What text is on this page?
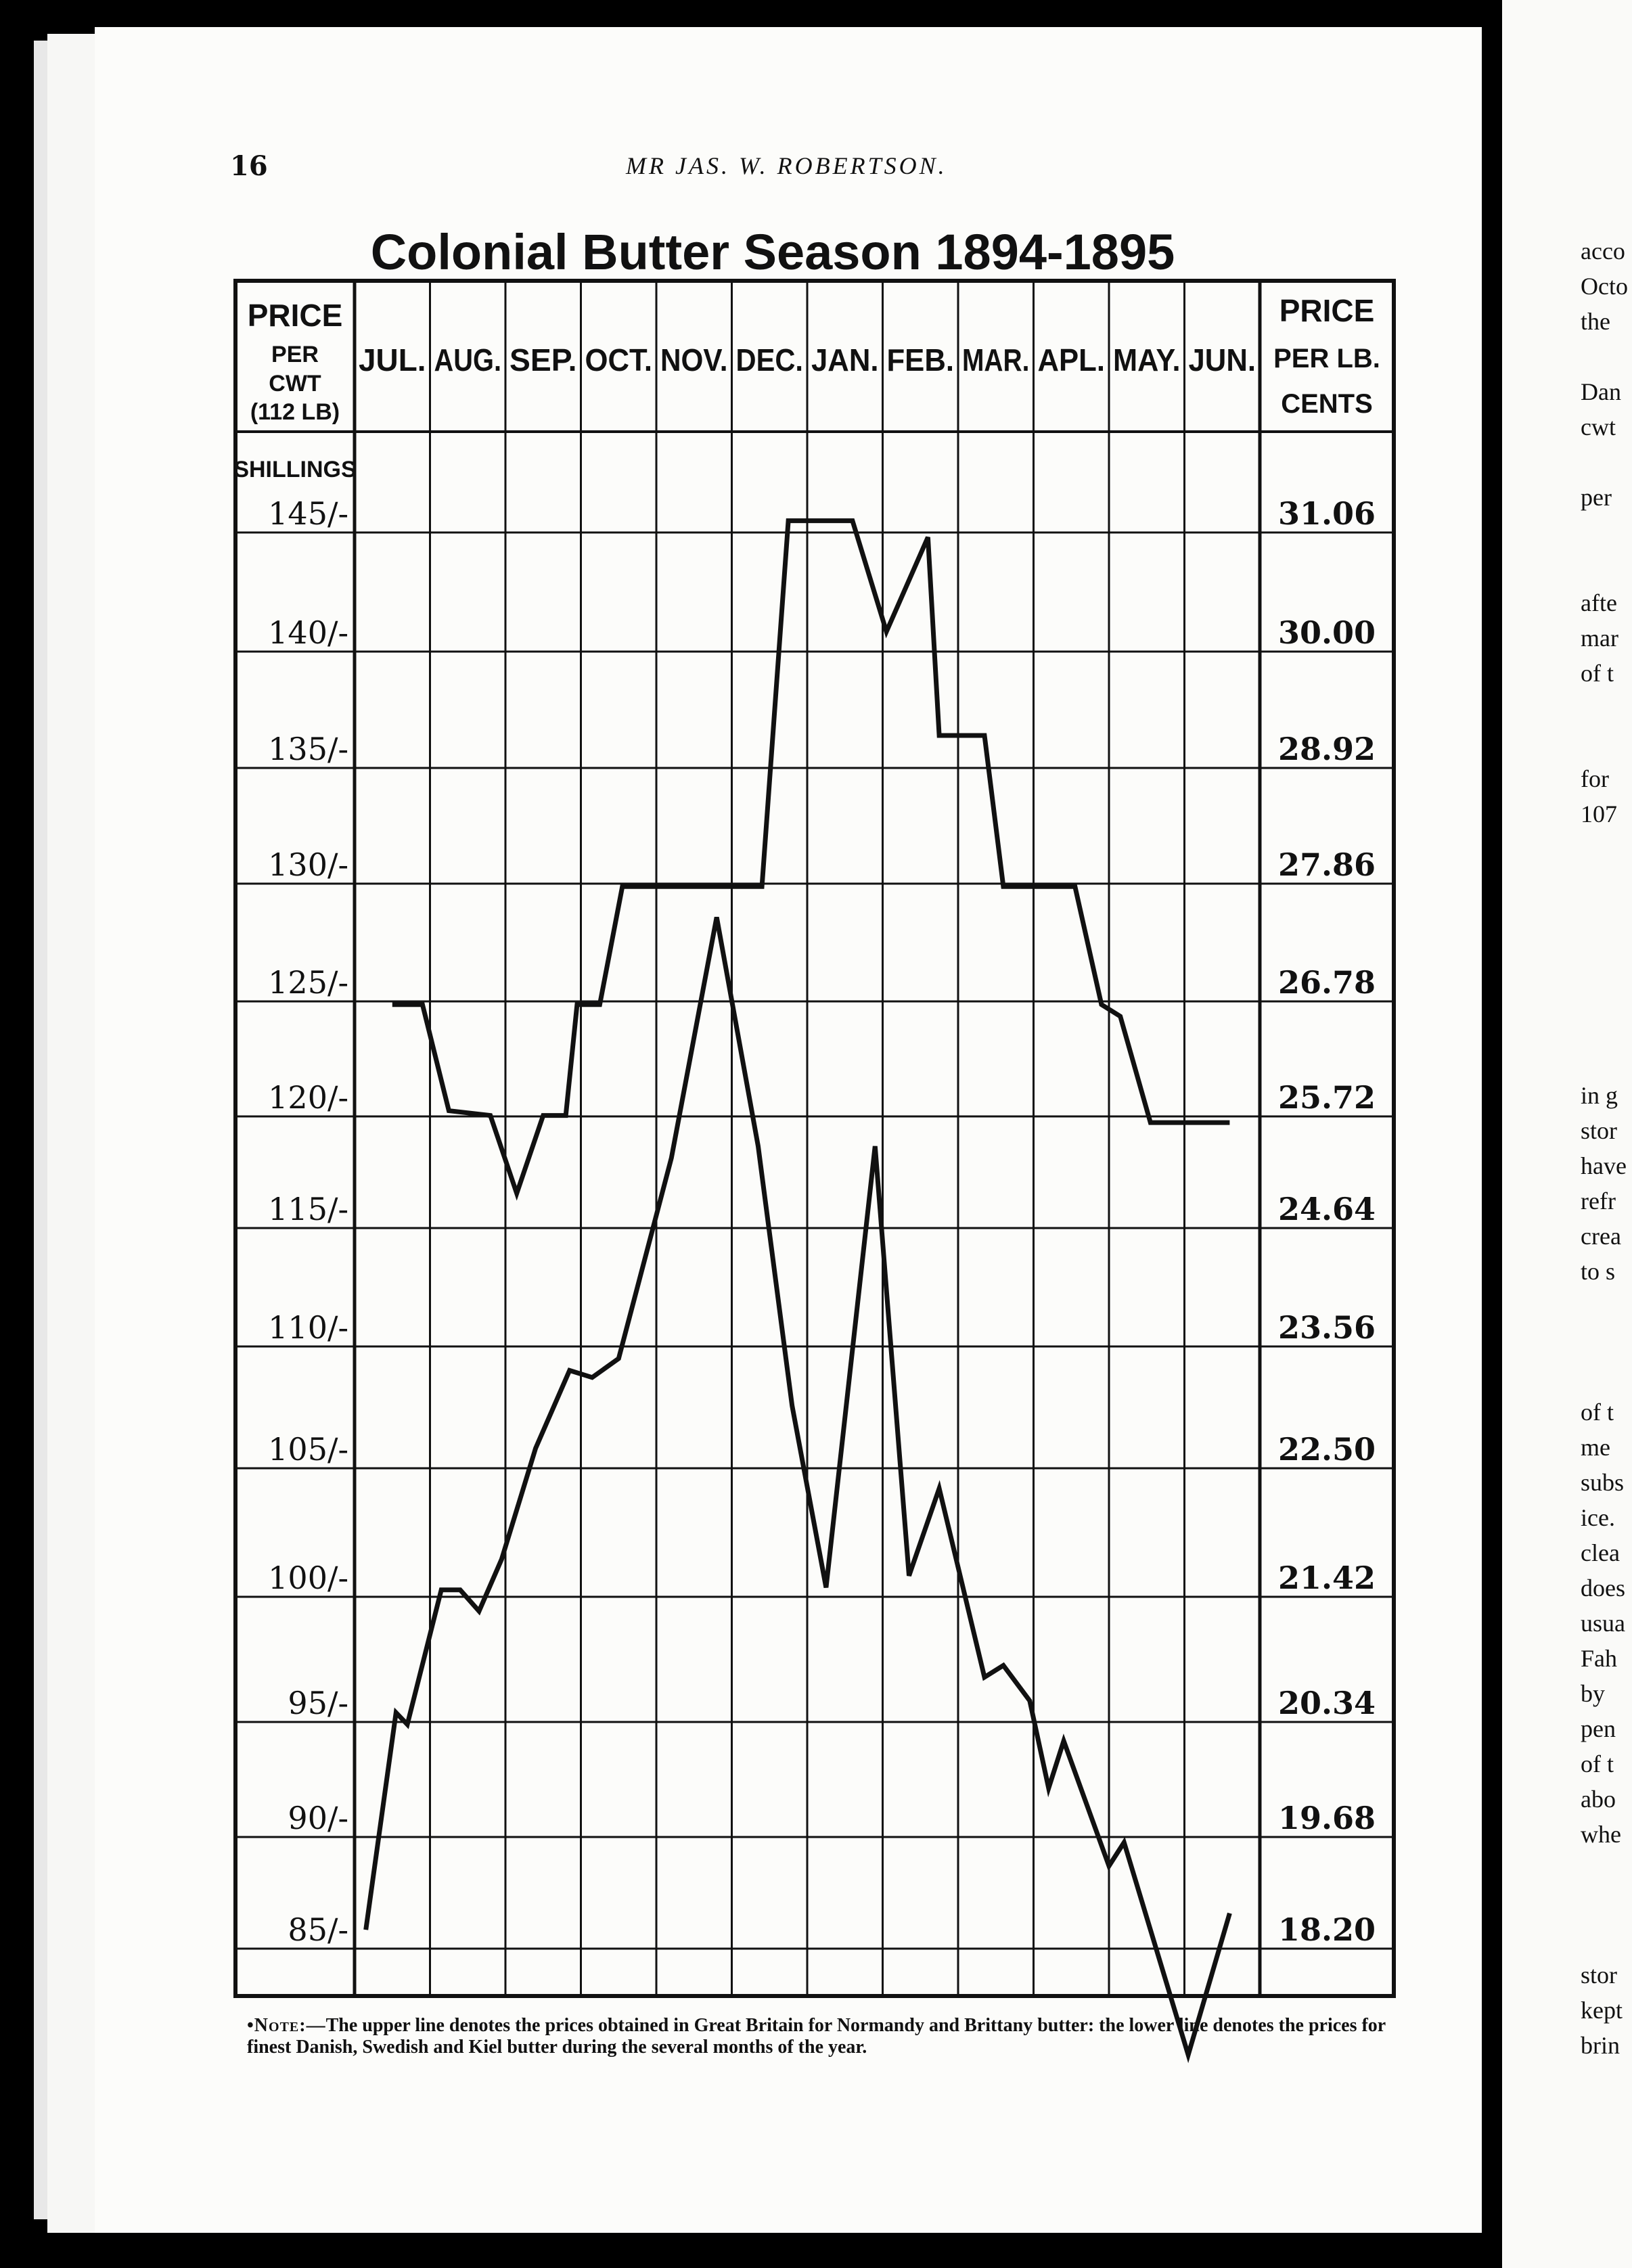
16	MR JAS. W. ROBERTSON.
Colonial Butter Season 1894-1895
JUL. AUG. SEP. OCT. NOV. DEC. JAN. FEB. MAR. APL. MAY. JUN.
PRICE
PER
CWT
(112 LB)
SHILLINGS
PRICE
PER LB.
CENTS
145/-
140/-
135/-
130/-
125/-
120/-
115/-
110/-
105/-
100/-
95/-
90/-
85/-
31.06
30.00
28.92
27.86
26.78
25.72
24.64
23.56
22.50
21.42
20.34
19.68
18.20
•Note:—The upper line denotes the prices obtained in Great Britain for Normandy and Brittany butter: the lower line denotes the prices for finest Danish, Swedish and Kiel butter during the several months of the year.
acco
Octo
the
Dan
cwt
per
afte
mar
of t
for
107
in g
stor
have
refr
crea
to s
of t
me
subs
ice.
clea
does
usua
Fah
by
pen
of t
abo
whe
stor
kept
brin
